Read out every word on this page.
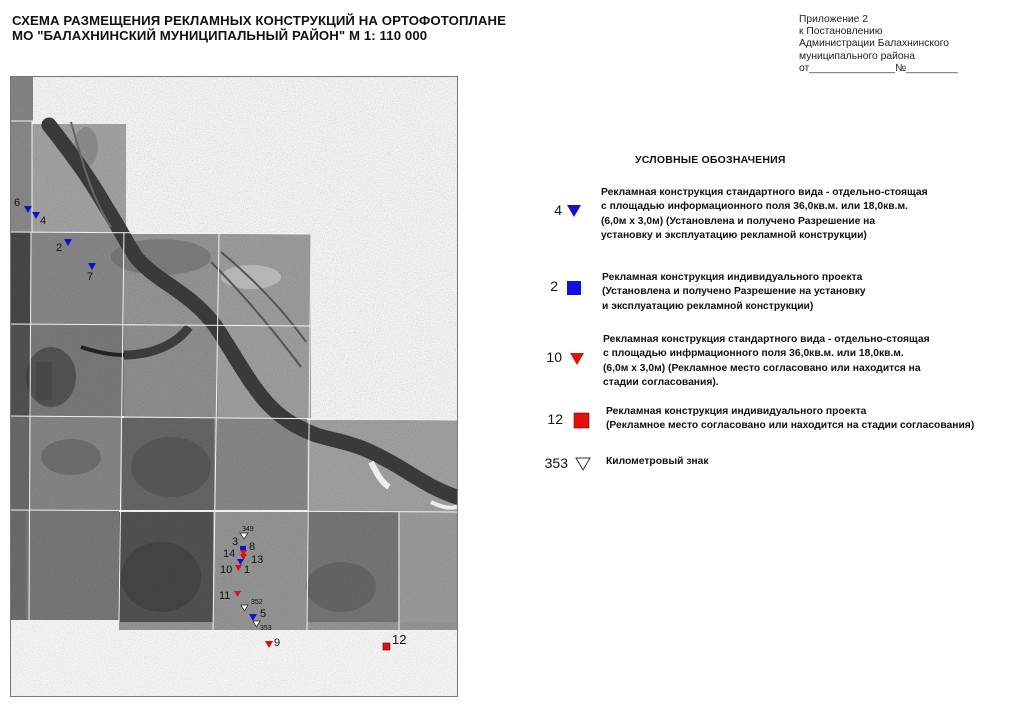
СХЕМА РАЗМЕЩЕНИЯ РЕКЛАМНЫХ КОНСТРУКЦИЙ НА ОРТОФОТОПЛАНЕ
МО "БАЛАХНИНСКИЙ МУНИЦИПАЛЬНЫЙ РАЙОН" М 1: 110 000
Приложение 2
к Постановлению
Администрации Балахнинского
муниципального района
от_______________№_________
6
4
2
7
3 8
14 13
10 1
11
5
9	12
349
352
353
УСЛОВНЫЕ ОБОЗНАЧЕНИЯ
4
Рекламная конструкция стандартного вида - отдельно-стоящая
с площадью информационного поля 36,0кв.м. или 18,0кв.м.
(6,0м х 3,0м) (Установлена и получено Разрешение на
установку и эксплуатацию рекламной конструкции)
2
Рекламная конструкция индивидуального проекта
(Установлена и получено Разрешение на установку
и эксплуатацию рекламной конструкции)
10
Рекламная конструкция стандартного вида - отдельно-стоящая
с площадью инфрмационного поля 36,0кв.м. или 18,0кв.м.
(6,0м х 3,0м) (Рекламное место согласовано или находится на
стадии согласования).
12	Рекламная конструкция индивидуального проекта
(Рекламное место согласовано или находится на стадии согласования)
353	Километровый знак
